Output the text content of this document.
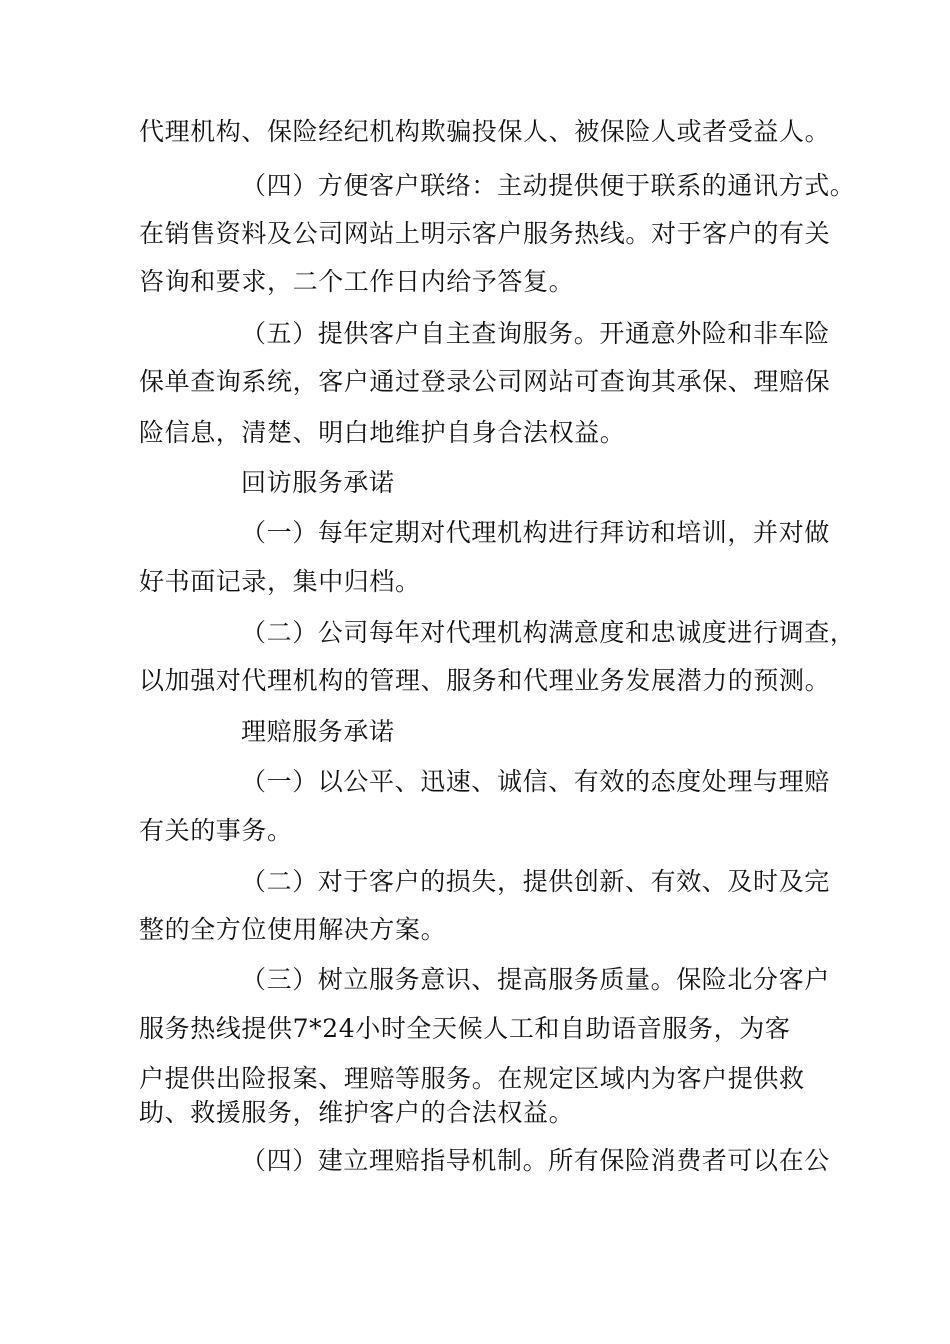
代理机构、保险经纪机构欺骗投保人、被保险人或者受益人。
（四）方便客户联络：主动提供便于联系的通讯方式。
在销售资料及公司网站上明示客户服务热线。对于客户的有关
咨询和要求，二个工作日内给予答复。
（五）提供客户自主查询服务。开通意外险和非车险
保单查询系统，客户通过登录公司网站可查询其承保、理赔保
险信息，清楚、明白地维护自身合法权益。
回访服务承诺
（一）每年定期对代理机构进行拜访和培训，并对做
好书面记录，集中归档。
（二）公司每年对代理机构满意度和忠诚度进行调查，
以加强对代理机构的管理、服务和代理业务发展潜力的预测。
理赔服务承诺
（一）以公平、迅速、诚信、有效的态度处理与理赔
有关的事务。
（二）对于客户的损失，提供创新、有效、及时及完
整的全方位使用解决方案。
（三）树立服务意识、提高服务质量。保险北分客户
服务热线提供7*24小时全天候人工和自助语音服务，为客
户提供出险报案、理赔等服务。在规定区域内为客户提供救
助、救援服务，维护客户的合法权益。
（四）建立理赔指导机制。所有保险消费者可以在公
